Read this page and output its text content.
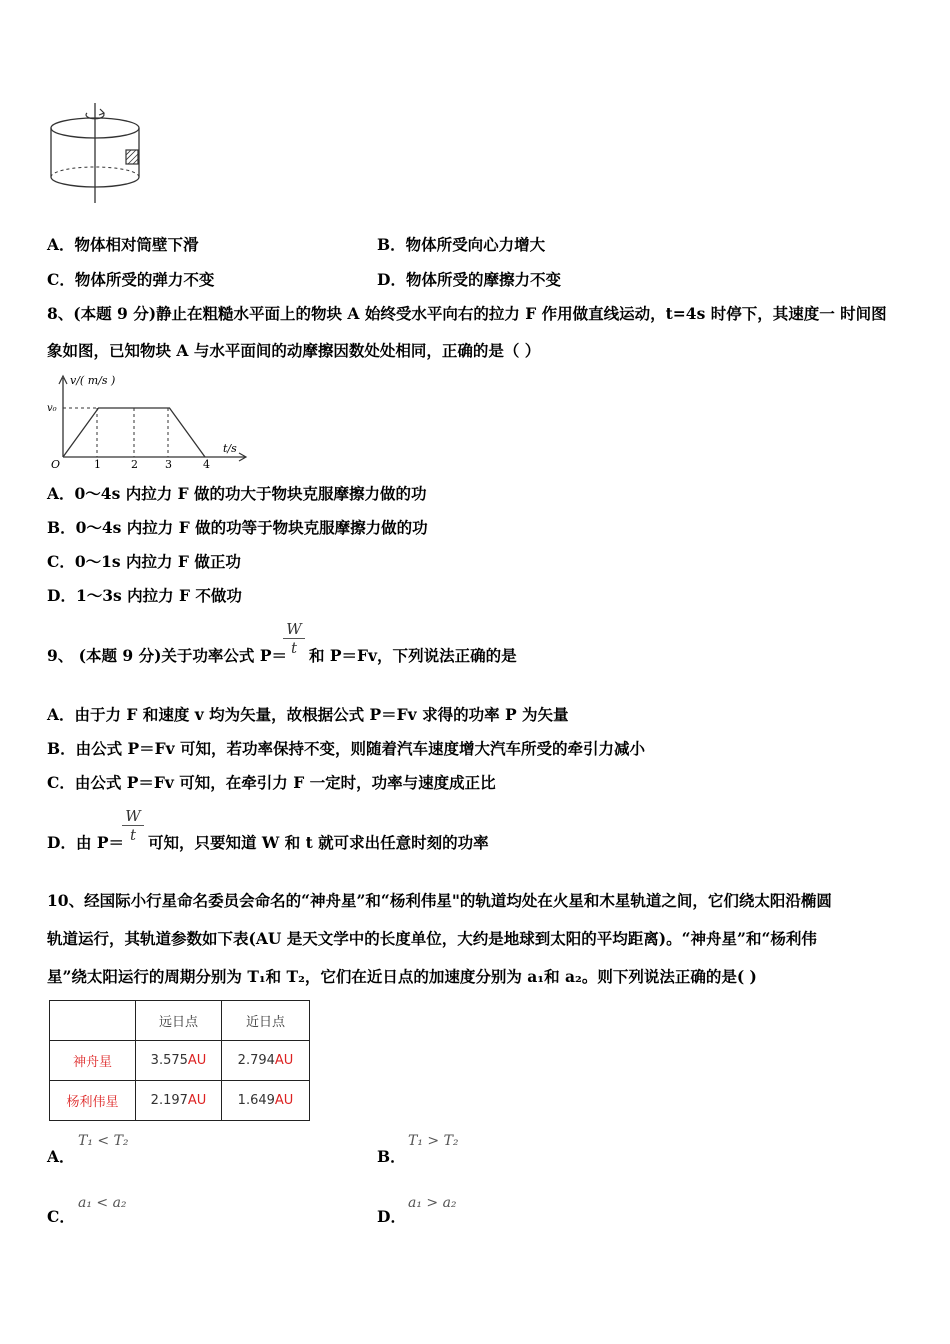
A．物体相对筒壁下滑	B．物体所受向心力增大
C．物体所受的弹力不变	D．物体所受的摩擦力不变
8、(本题 9 分)静止在粗糙水平面上的物块 A 始终受水平向右的拉力 F 作用做直线运动，t=4s 时停下，其速度一 时间图
象如图，已知物块 A 与水平面间的动摩擦因数处处相同，正确的是（ ）
v/( m/s )
t/s
O
v₀
1	2 3	4
A．0～4s 内拉力 F 做的功大于物块克服摩擦力做的功
B．0～4s 内拉力 F 做的功等于物块克服摩擦力做的功
C．0～1s 内拉力 F 做正功
D．1～3s 内拉力 F 不做功
9、 (本题 9 分)关于功率公式 P＝
$\frac{W}{t}$ 和 P＝Fv，下列说法正确的是
A．由于力 F 和速度 v 均为矢量，故根据公式 P＝Fv 求得的功率 P 为矢量
B．由公式 P＝Fv 可知，若功率保持不变，则随着汽车速度增大汽车所受的牵引力减小
C．由公式 P＝Fv 可知，在牵引力 F 一定时，功率与速度成正比
D．由 P＝
$\frac{W}{t}$ 可知，只要知道 W 和 t 就可求出任意时刻的功率
10、经国际小行星命名委员会命名的“神舟星”和“杨利伟星"的轨道均处在火星和木星轨道之间，它们绕太阳沿椭圆
轨道运行，其轨道参数如下表(AU 是天文学中的长度单位，大约是地球到太阳的平均距离)。“神舟星”和“杨利伟
星”绕太阳运行的周期分别为 T₁和 T₂，它们在近日点的加速度分别为 a₁和 a₂。则下列说法正确的是( )
	远日点	近日点
神舟星	3.575AU	2.794AU
杨利伟星	2.197AU	1.649AU
A．
T₁ < T₂
B．
T₁ > T₂
C．
a₁ < a₂
D．
a₁ > a₂
